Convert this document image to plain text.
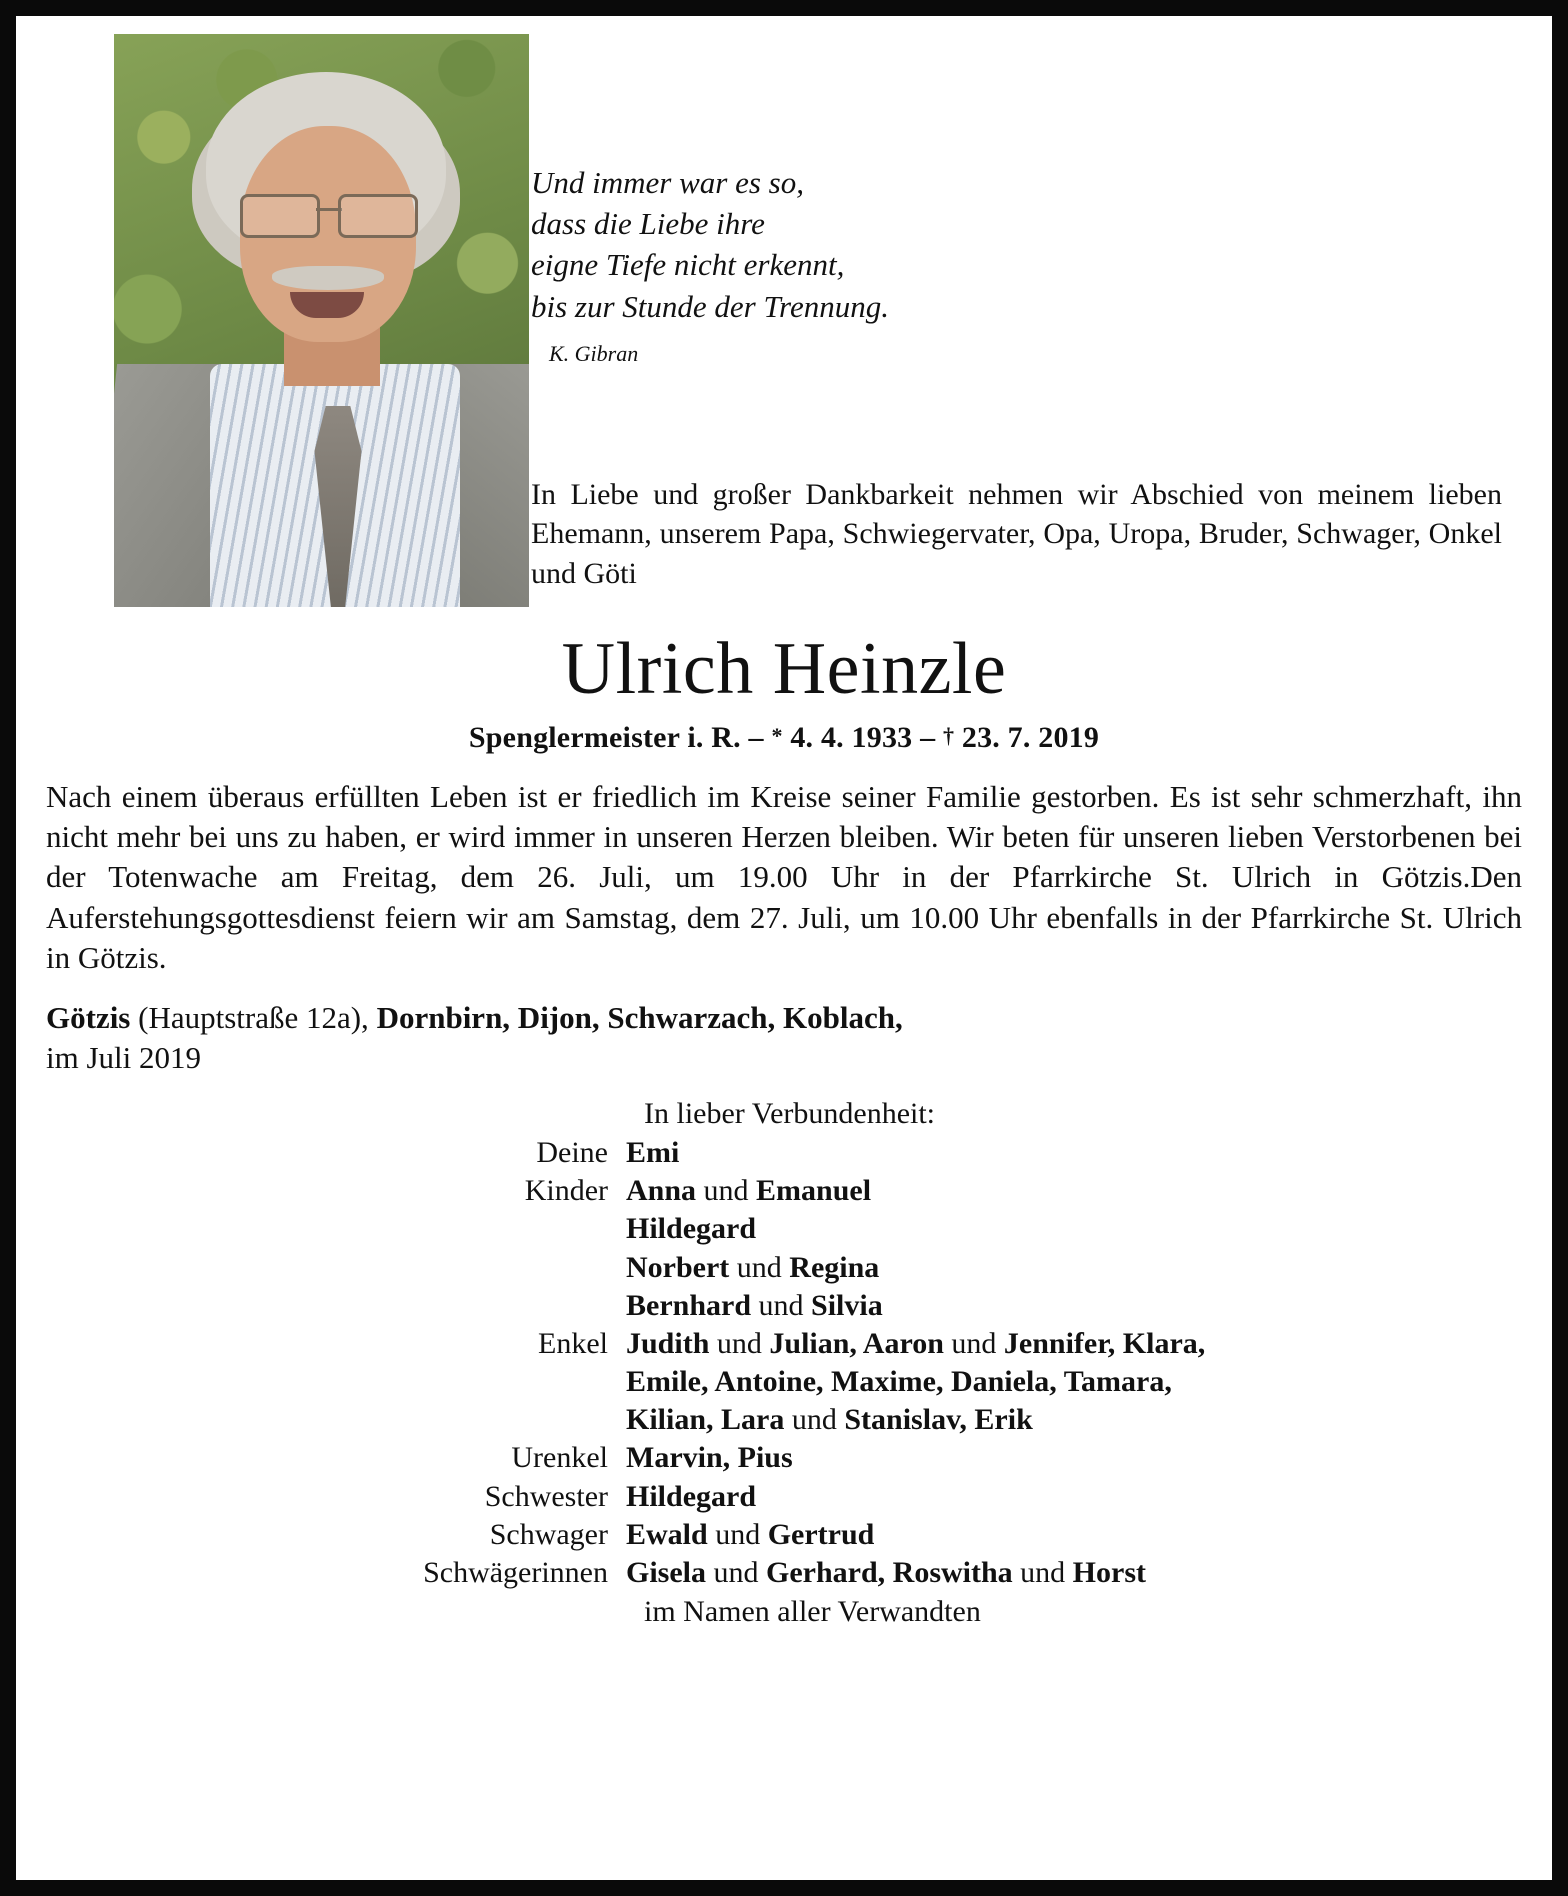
Und immer war es so,
dass die Liebe ihre
eigne Tiefe nicht erkennt,
bis zur Stunde der Trennung.

K. Gibran

In Liebe und großer Dankbarkeit nehmen wir Abschied von meinem lieben Ehemann, unserem Papa, Schwiegervater, Opa, Uropa, Bruder, Schwager, Onkel und Göti

Ulrich Heinzle
Spenglermeister i. R. – * 4. 4. 1933 – † 23. 7. 2019

Nach einem überaus erfüllten Leben ist er friedlich im Kreise seiner Familie gestorben. Es ist sehr schmerzhaft, ihn nicht mehr bei uns zu haben, er wird immer in unseren Herzen bleiben. Wir beten für unseren lieben Verstorbenen bei der Totenwache am Freitag, dem 26. Juli, um 19.00 Uhr in der Pfarrkirche St. Ulrich in Götzis.Den Auferstehungsgottesdienst feiern wir am Samstag, dem 27. Juli, um 10.00 Uhr ebenfalls in der Pfarrkirche St. Ulrich in Götzis.

Götzis (Hauptstraße 12a), Dornbirn, Dijon, Schwarzach, Koblach,
im Juli 2019
In lieber Verbundenheit:
Deine Emi
Kinder Anna und Emanuel
Hildegard
Norbert und Regina
Bernhard und Silvia
Enkel Judith und Julian, Aaron und Jennifer, Klara,
Emile, Antoine, Maxime, Daniela, Tamara,
Kilian, Lara und Stanislav, Erik
Urenkel Marvin, Pius
Schwester Hildegard
Schwager Ewald und Gertrud
Schwägerinnen Gisela und Gerhard, Roswitha und Horst
im Namen aller Verwandten
